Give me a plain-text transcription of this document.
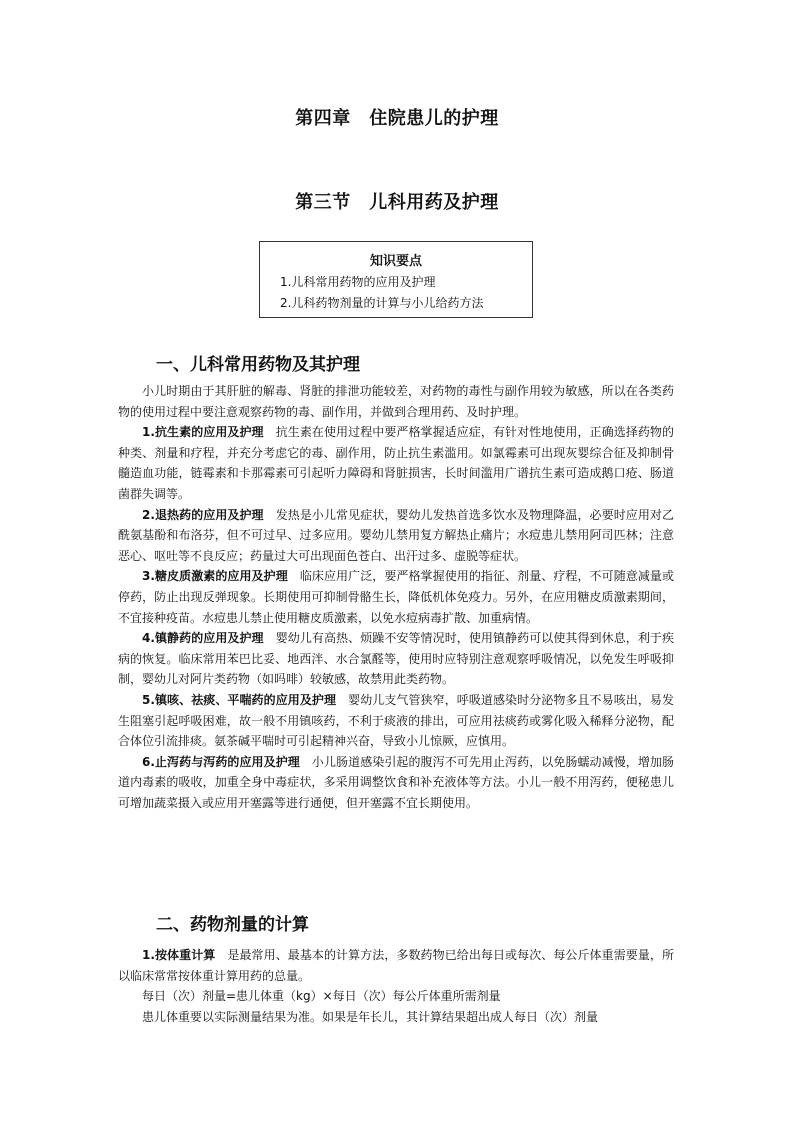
第四章　住院患儿的护理
第三节　儿科用药及护理
知识要点
1.儿科常用药物的应用及护理
2.儿科药物剂量的计算与小儿给药方法
一、儿科常用药物及其护理

小儿时期由于其肝脏的解毒、肾脏的排泄功能较差，对药物的毒性与副作用较为敏感，所以在各类药物的使用过程中要注意观察药物的毒、副作用，并做到合理用药、及时护理。

1.抗生素的应用及护理　抗生素在使用过程中要严格掌握适应症，有针对性地使用，正确选择药物的种类、剂量和疗程，并充分考虑它的毒、副作用，防止抗生素滥用。如氯霉素可出现灰婴综合征及抑制骨髓造血功能，链霉素和卡那霉素可引起听力障碍和肾脏损害，长时间滥用广谱抗生素可造成鹅口疮、肠道菌群失调等。

2.退热药的应用及护理　发热是小儿常见症状，婴幼儿发热首选多饮水及物理降温，必要时应用对乙酰氨基酚和布洛芬，但不可过早、过多应用。婴幼儿禁用复方解热止痛片；水痘患儿禁用阿司匹林；注意恶心、呕吐等不良反应；药量过大可出现面色苍白、出汗过多、虚脱等症状。

3.糖皮质激素的应用及护理　临床应用广泛，要严格掌握使用的指征、剂量、疗程，不可随意减量或停药，防止出现反弹现象。长期使用可抑制骨骼生长，降低机体免疫力。另外，在应用糖皮质激素期间，不宜接种疫苗。水痘患儿禁止使用糖皮质激素，以免水痘病毒扩散、加重病情。

4.镇静药的应用及护理　婴幼儿有高热、烦躁不安等情况时，使用镇静药可以使其得到休息，利于疾病的恢复。临床常用苯巴比妥、地西泮、水合氯醛等，使用时应特别注意观察呼吸情况，以免发生呼吸抑制，婴幼儿对阿片类药物（如吗啡）较敏感，故禁用此类药物。

5.镇咳、祛痰、平喘药的应用及护理　婴幼儿支气管狭窄，呼吸道感染时分泌物多且不易咳出，易发生阻塞引起呼吸困难，故一般不用镇咳药，不利于痰液的排出，可应用祛痰药或雾化吸入稀释分泌物，配合体位引流排痰。氨茶碱平喘时可引起精神兴奋，导致小儿惊厥，应慎用。

6.止泻药与泻药的应用及护理　小儿肠道感染引起的腹泻不可先用止泻药，以免肠蠕动减慢，增加肠道内毒素的吸收，加重全身中毒症状，多采用调整饮食和补充液体等方法。小儿一般不用泻药，便秘患儿可增加蔬菜摄入或应用开塞露等进行通便，但开塞露不宜长期使用。

二、药物剂量的计算

1.按体重计算　是最常用、最基本的计算方法，多数药物已给出每日或每次、每公斤体重需要量，所以临床常常按体重计算用药的总量。

每日（次）剂量=患儿体重（kg）×每日（次）每公斤体重所需剂量

患儿体重要以实际测量结果为准。如果是年长儿，其计算结果超出成人每日（次）剂量
